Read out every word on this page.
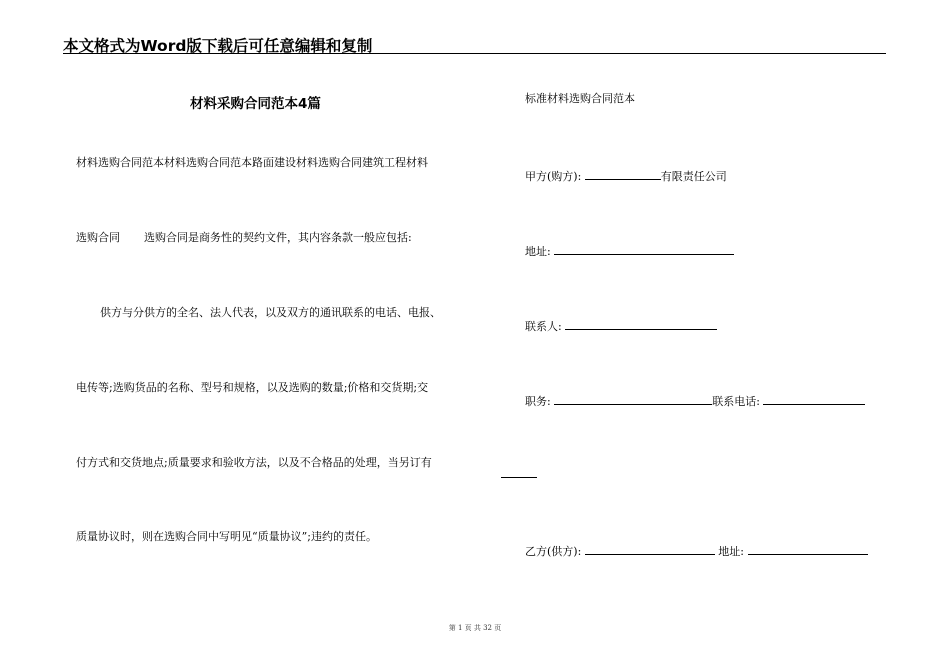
本文格式为Word版下载后可任意编辑和复制
材料采购合同范本4篇
材料选购合同范本材料选购合同范本路面建设材料选购合同建筑工程材料
选购合同 选购合同是商务性的契约文件，其内容条款一般应包括:
供方与分供方的全名、法人代表，以及双方的通讯联系的电话、电报、
电传等;选购货品的名称、型号和规格，以及选购的数量;价格和交货期;交
付方式和交货地点;质量要求和验收方法，以及不合格品的处理，当另订有
质量协议时，则在选购合同中写明见“质量协议”;违约的责任。
标准材料选购合同范本
甲方(购方):	有限责任公司
地址:
联系人:
职务:	联系电话:
乙方(供方):	地址:
第 1 页 共 32 页
